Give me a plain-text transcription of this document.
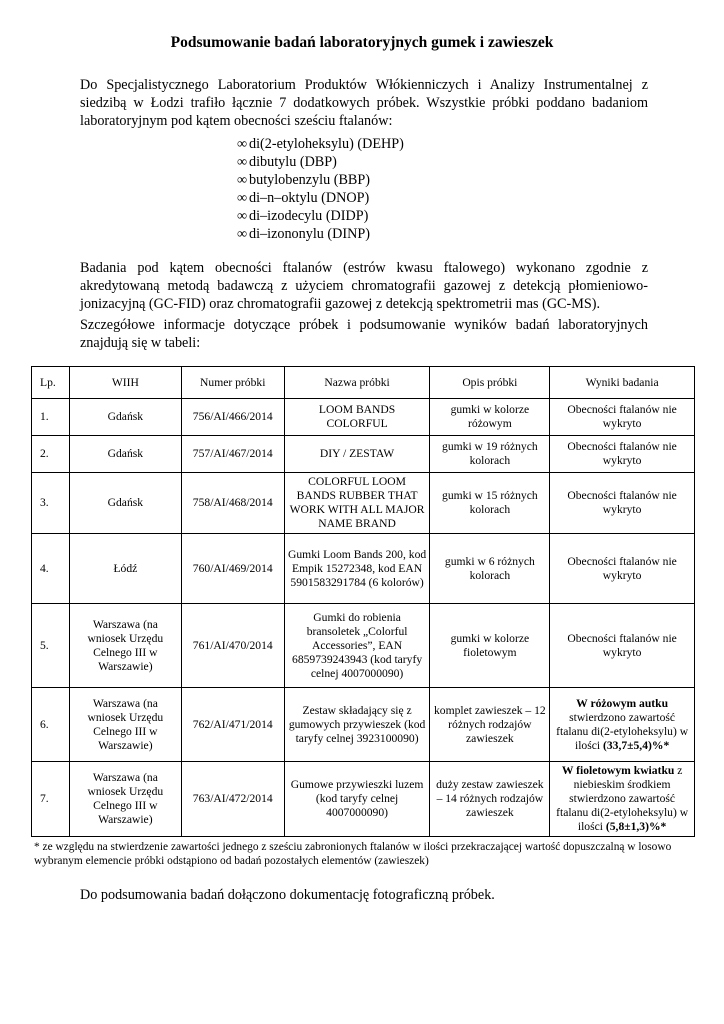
Podsumowanie badań laboratoryjnych gumek i zawieszek
Do Specjalistycznego Laboratorium Produktów Włókienniczych i Analizy Instrumentalnej z siedzibą w Łodzi trafiło łącznie 7 dodatkowych próbek. Wszystkie próbki poddano badaniom laboratoryjnym pod kątem obecności sześciu ftalanów:
∞ di(2-etyloheksylu) (DEHP)
∞ dibutylu (DBP)
∞ butylobenzylu (BBP)
∞ di–n–oktylu (DNOP)
∞ di–izodecylu (DIDP)
∞ di–izononylu (DINP)
Badania pod kątem obecności ftalanów (estrów kwasu ftalowego) wykonano zgodnie z akredytowaną metodą badawczą z użyciem chromatografii gazowej z detekcją płomieniowo-jonizacyjną (GC-FID) oraz chromatografii gazowej z detekcją spektrometrii mas (GC-MS).
Szczegółowe informacje dotyczące próbek i podsumowanie wyników badań laboratoryjnych znajdują się w tabeli:
Lp.	WIIH	Numer próbki	Nazwa próbki	Opis próbki	Wyniki badania
1.	Gdańsk	756/AI/466/2014	LOOM BANDS COLORFUL	gumki w kolorze różowym	Obecności ftalanów nie wykryto
2.	Gdańsk	757/AI/467/2014	DIY / ZESTAW	gumki w 19 różnych kolorach	Obecności ftalanów nie wykryto
3.	Gdańsk	758/AI/468/2014	COLORFUL LOOM BANDS RUBBER THAT WORK WITH ALL MAJOR NAME BRAND	gumki w 15 różnych kolorach	Obecności ftalanów nie wykryto
4.	Łódź	760/AI/469/2014	Gumki Loom Bands 200, kod Empik 15272348, kod EAN 5901583291784 (6 kolorów)	gumki w 6 różnych kolorach	Obecności ftalanów nie wykryto
5.	Warszawa (na wniosek Urzędu Celnego III w Warszawie)	761/AI/470/2014	Gumki do robienia bransoletek „Colorful Accessories”, EAN 6859739243943 (kod taryfy celnej 4007000090)	gumki w kolorze fioletowym	Obecności ftalanów nie wykryto
6.	Warszawa (na wniosek Urzędu Celnego III w Warszawie)	762/AI/471/2014	Zestaw składający się z gumowych przywieszek (kod taryfy celnej 3923100090)	komplet zawieszek – 12 różnych rodzajów zawieszek	W różowym autku stwierdzono zawartość ftalanu di(2-etyloheksylu) w ilości (33,7±5,4)%*
7.	Warszawa (na wniosek Urzędu Celnego III w Warszawie)	763/AI/472/2014	Gumowe przywieszki luzem (kod taryfy celnej 4007000090)	duży zestaw zawieszek – 14 różnych rodzajów zawieszek	W fioletowym kwiatku z niebieskim środkiem stwierdzono zawartość ftalanu di(2-etyloheksylu) w ilości (5,8±1,3)%*
* ze względu na stwierdzenie zawartości jednego z sześciu zabronionych ftalanów w ilości przekraczającej wartość dopuszczalną w losowo wybranym elemencie próbki odstąpiono od badań pozostałych elementów (zawieszek)
Do podsumowania badań dołączono dokumentację fotograficzną próbek.
